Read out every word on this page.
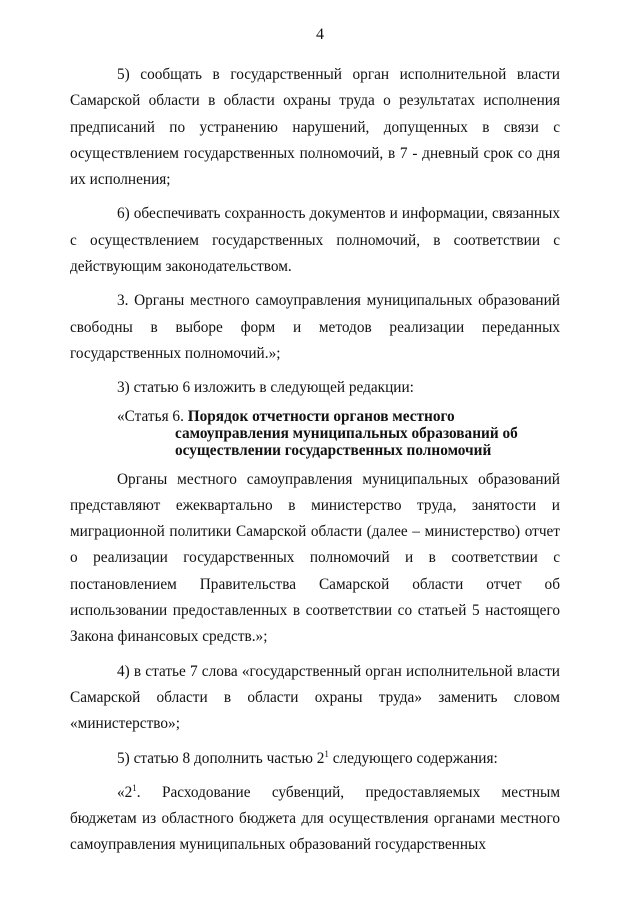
4

5) сообщать в государственный орган исполнительной власти Самарской области в области охраны труда о результатах исполнения предписаний по устранению нарушений, допущенных в связи с осуществлением государственных полномочий, в 7 - дневный срок со дня их исполнения;

6) обеспечивать сохранность документов и информации, связанных с осуществлением государственных полномочий, в соответствии с действующим законодательством.

3. Органы местного самоуправления муниципальных образований свободны в выборе форм и методов реализации переданных государственных полномочий.»;

3) статью 6 изложить в следующей редакции:

«Статья 6. Порядок отчетности органов местного
самоуправления муниципальных образований об
осуществлении государственных полномочий

Органы местного самоуправления муниципальных образований представляют ежеквартально в министерство труда, занятости и миграционной политики Самарской области (далее – министерство) отчет о реализации государственных полномочий и в соответствии с постановлением Правительства Самарской области отчет об использовании предоставленных в соответствии со статьей 5 настоящего Закона финансовых средств.»;

4) в статье 7 слова «государственный орган исполнительной власти Самарской области в области охраны труда» заменить словом «министерство»;

5) статью 8 дополнить частью $2^1$ следующего содержания:

«$2^1$. Расходование субвенций, предоставляемых местным бюджетам из областного бюджета для осуществления органами местного самоуправления муниципальных образований государственных
